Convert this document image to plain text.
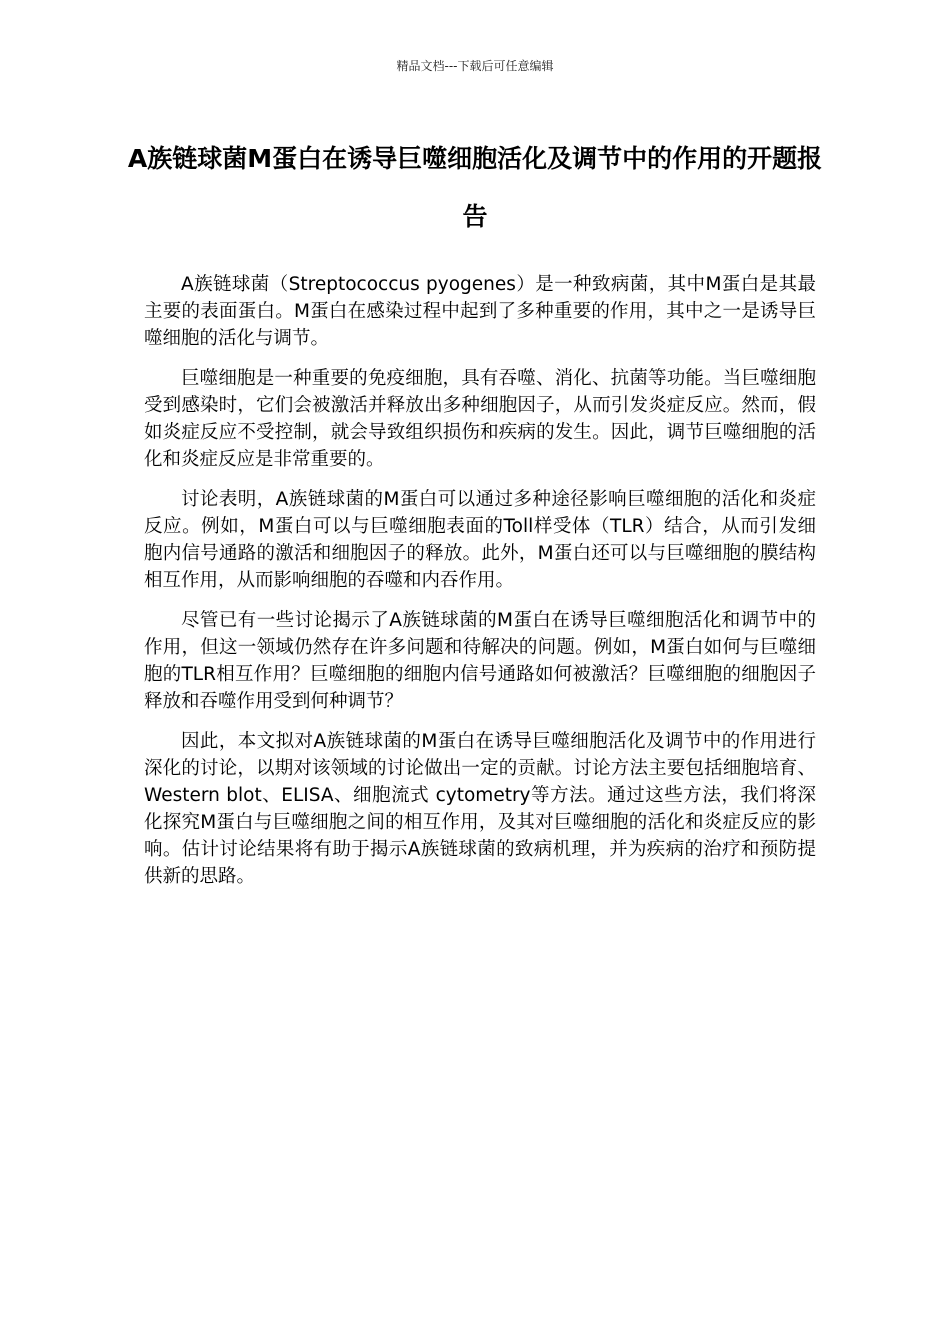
精品文档---下载后可任意编辑
A族链球菌M蛋白在诱导巨噬细胞活化及调节中的作用的开题报告

A族链球菌（Streptococcus pyogenes）是一种致病菌，其中M蛋白是其最主要的表面蛋白。M蛋白在感染过程中起到了多种重要的作用，其中之一是诱导巨噬细胞的活化与调节。

巨噬细胞是一种重要的免疫细胞，具有吞噬、消化、抗菌等功能。当巨噬细胞受到感染时，它们会被激活并释放出多种细胞因子，从而引发炎症反应。然而，假如炎症反应不受控制，就会导致组织损伤和疾病的发生。因此，调节巨噬细胞的活化和炎症反应是非常重要的。

讨论表明，A族链球菌的M蛋白可以通过多种途径影响巨噬细胞的活化和炎症反应。例如，M蛋白可以与巨噬细胞表面的Toll样受体（TLR）结合，从而引发细胞内信号通路的激活和细胞因子的释放。此外，M蛋白还可以与巨噬细胞的膜结构相互作用，从而影响细胞的吞噬和内吞作用。

尽管已有一些讨论揭示了A族链球菌的M蛋白在诱导巨噬细胞活化和调节中的作用，但这一领域仍然存在许多问题和待解决的问题。例如，M蛋白如何与巨噬细胞的TLR相互作用？巨噬细胞的细胞内信号通路如何被激活？巨噬细胞的细胞因子释放和吞噬作用受到何种调节？

因此，本文拟对A族链球菌的M蛋白在诱导巨噬细胞活化及调节中的作用进行深化的讨论，以期对该领域的讨论做出一定的贡献。讨论方法主要包括细胞培育、Western blot、ELISA、细胞流式 cytometry等方法。通过这些方法，我们将深化探究M蛋白与巨噬细胞之间的相互作用，及其对巨噬细胞的活化和炎症反应的影响。估计讨论结果将有助于揭示A族链球菌的致病机理，并为疾病的治疗和预防提供新的思路。
